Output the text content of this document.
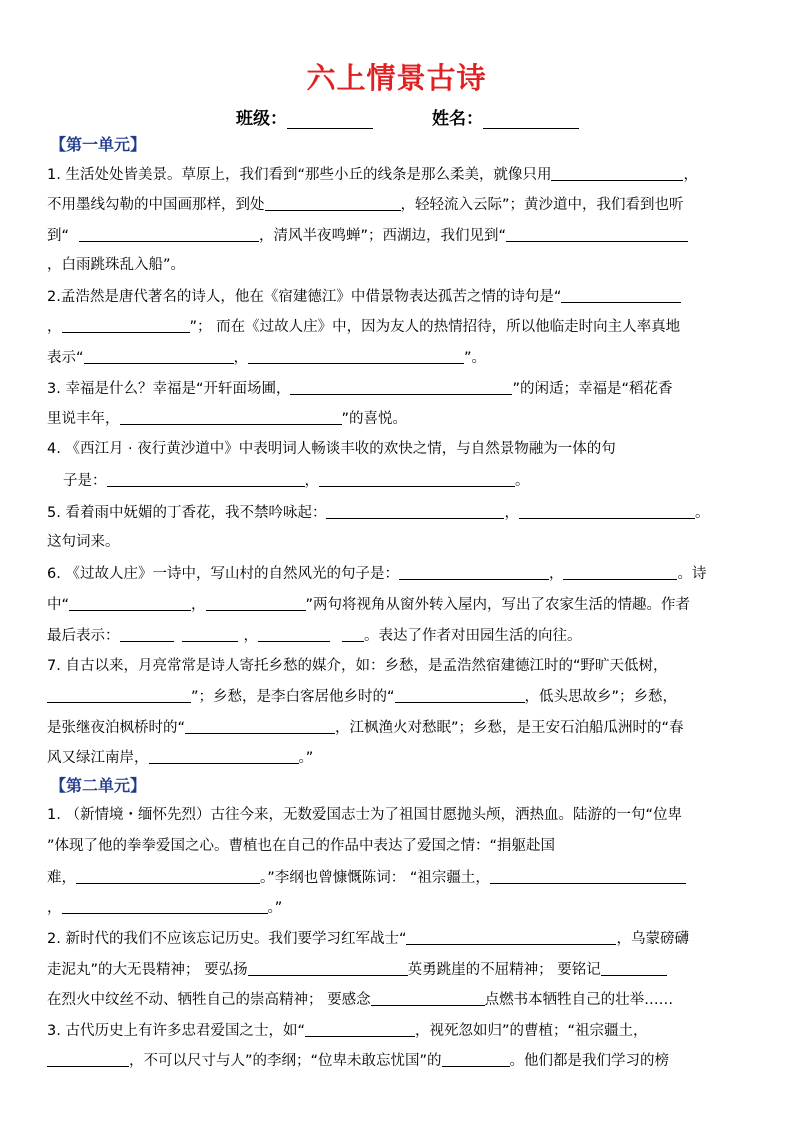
六上情景古诗
班级：	姓名：
【第一单元】
1. 生活处处皆美景。草原上，我们看到“那些小丘的线条是那么柔美，就像只用	，
不用墨线勾勒的中国画那样，到处	，轻轻流入云际”；黄沙道中，我们看到也听
到“	，清风半夜鸣蝉”；西湖边，我们见到“
，白雨跳珠乱入船”。
2.孟浩然是唐代著名的诗人，他在《宿建德江》中借景物表达孤苦之情的诗句是“
，	”； 而在《过故人庄》中，因为友人的热情招待，所以他临走时向主人率真地
表示“	，	”。
3. 幸福是什么？幸福是“开轩面场圃，	”的闲适；幸福是“稻花香
里说丰年，	”的喜悦。
4. 《西江月 · 夜行黄沙道中》中表明词人畅谈丰收的欢快之情，与自然景物融为一体的句
子是：	，	。
5. 看着雨中妩媚的丁香花，我不禁吟咏起：	，	。
这句词来。
6. 《过故人庄》一诗中，写山村的自然风光的句子是：	，	。诗
中“	，	”两句将视角从窗外转入屋内，写出了农家生活的情趣。作者
最后表示：	，	。表达了作者对田园生活的向往。
7. 自古以来，月亮常常是诗人寄托乡愁的媒介，如：乡愁，是孟浩然宿建德江时的“野旷天低树，
”；乡愁，是李白客居他乡时的“	，低头思故乡”；乡愁，
是张继夜泊枫桥时的“	，江枫渔火对愁眠”；乡愁，是王安石泊船瓜洲时的“春
风又绿江南岸，	。”
【第二单元】
1. （新情境・缅怀先烈）古往今来，无数爱国志士为了祖国甘愿抛头颅，洒热血。陆游的一句“位卑
”体现了他的拳拳爱国之心。曹植也在自己的作品中表达了爱国之情：“捐躯赴国
难，	。”李纲也曾慷慨陈词： “祖宗疆土，
，	。”
2. 新时代的我们不应该忘记历史。我们要学习红军战士“	，乌蒙磅礴
走泥丸”的大无畏精神； 要弘扬	英勇跳崖的不屈精神； 要铭记
在烈火中纹丝不动、牺牲自己的崇高精神； 要感念	点燃书本牺牲自己的壮举……
3. 古代历史上有许多忠君爱国之士，如“	，视死忽如归”的曹植；“祖宗疆土，
，不可以尺寸与人”的李纲；“位卑未敢忘忧国”的	。他们都是我们学习的榜
